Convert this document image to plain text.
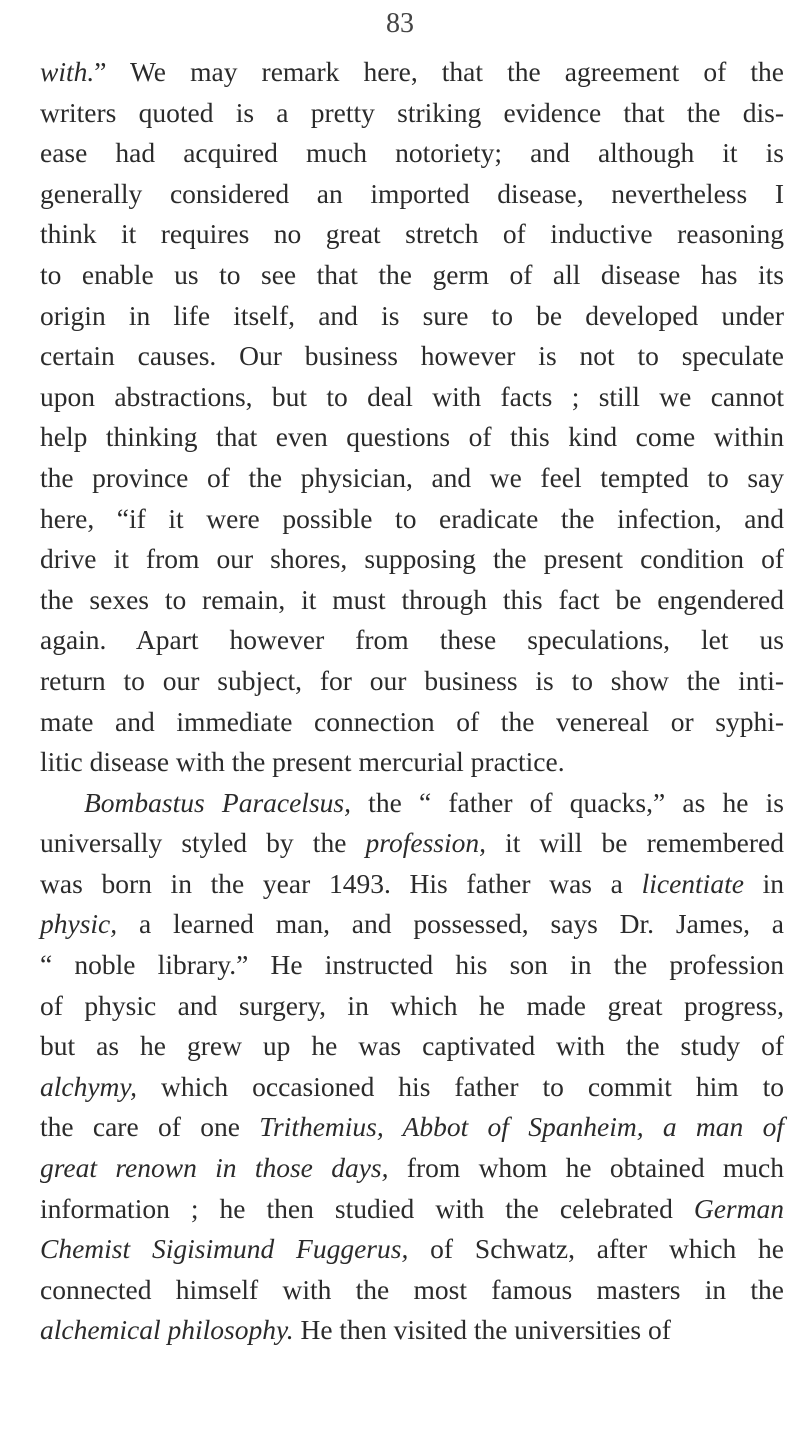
83
with.” We may remark here, that the agreement of the
writers quoted is a pretty striking evidence that the dis-
ease had acquired much notoriety; and although it is
generally considered an imported disease, nevertheless I
think it requires no great stretch of inductive reasoning
to enable us to see that the germ of all disease has its
origin in life itself, and is sure to be developed under
certain causes. Our business however is not to speculate
upon abstractions, but to deal with facts ; still we cannot
help thinking that even questions of this kind come within
the province of the physician, and we feel tempted to say
here, “if it were possible to eradicate the infection, and
drive it from our shores, supposing the present condition of
the sexes to remain, it must through this fact be engendered
again. Apart however from these speculations, let us
return to our subject, for our business is to show the inti-
mate and immediate connection of the venereal or syphi-
litic disease with the present mercurial practice.
Bombastus Paracelsus, the “ father of quacks,” as he is
universally styled by the profession, it will be remembered
was born in the year 1493. His father was a licentiate in
physic, a learned man, and possessed, says Dr. James, a
“ noble library.” He instructed his son in the profession
of physic and surgery, in which he made great progress,
but as he grew up he was captivated with the study of
alchymy, which occasioned his father to commit him to
the care of one Trithemius, Abbot of Spanheim, a man of
great renown in those days, from whom he obtained much
information ; he then studied with the celebrated German
Chemist Sigisimund Fuggerus, of Schwatz, after which he
connected himself with the most famous masters in the
alchemical philosophy. He then visited the universities of
